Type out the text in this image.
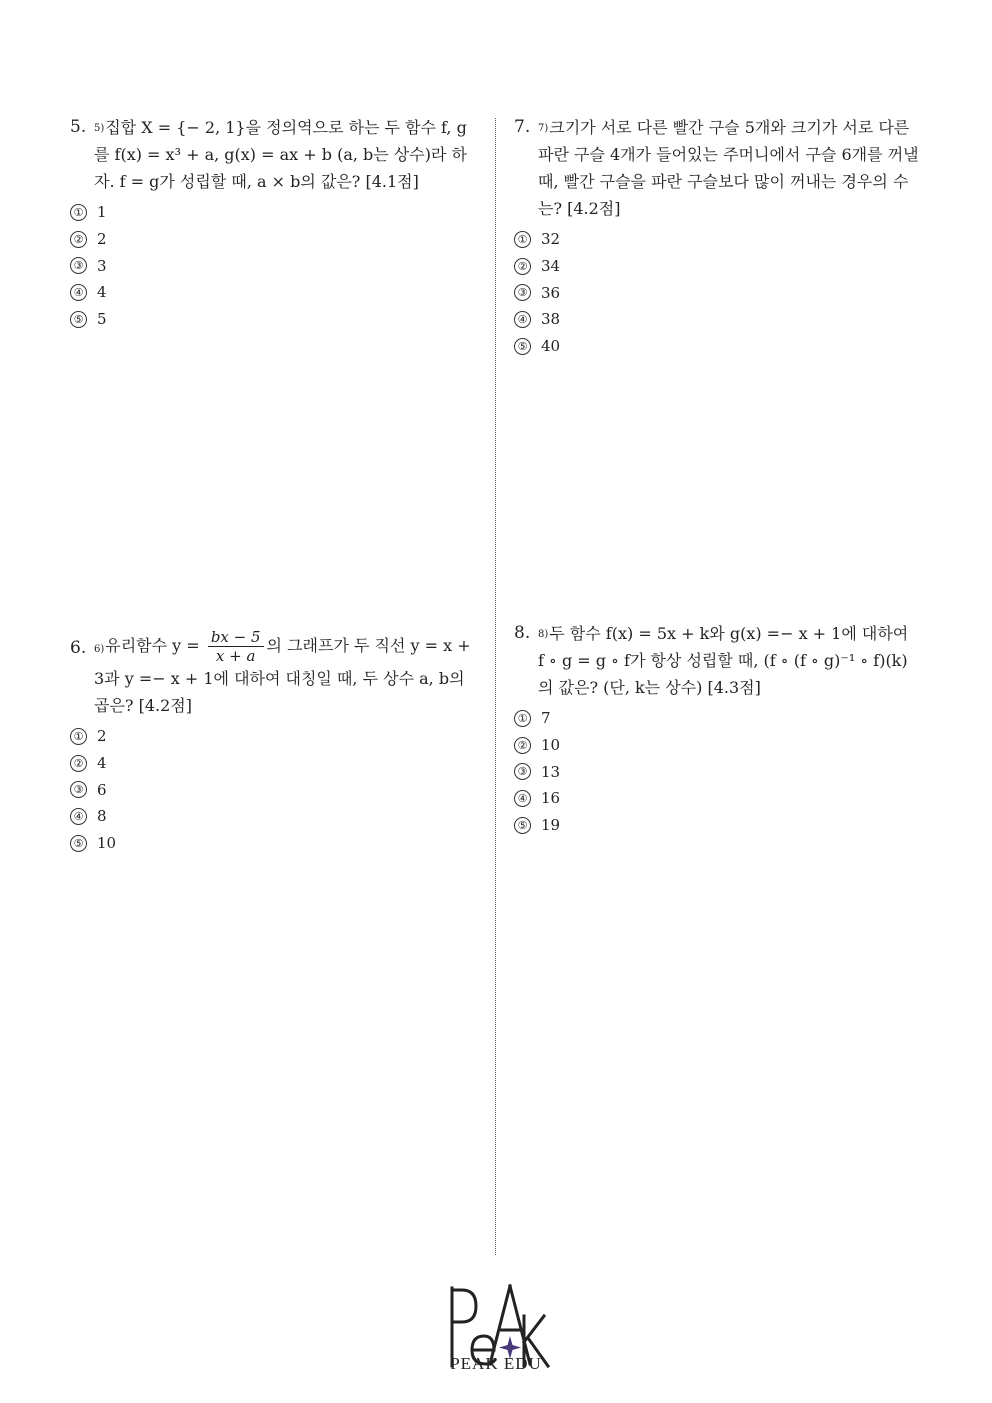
5. $^{5)}$집합 X = {− 2, 1}을 정의역으로 하는 두 함수 f, g를 f(x) = x³ + a, g(x) = ax + b (a, b는 상수)라 하자. f = g가 성립할 때, a × b의 값은? [4.1점]
① 1
② 2
③ 3
④ 4
⑤ 5
6. $^{6)}$유리함수 $y = \frac{bx - 5}{x + a}$ 의 그래프가 두 직선 y = x + 3과 y =− x + 1에 대하여 대칭일 때, 두 상수 a, b의 곱은? [4.2점]
① 2
② 4
③ 6
④ 8
⑤ 10
7. $^{7)}$크기가 서로 다른 빨간 구슬 5개와 크기가 서로 다른 파란 구슬 4개가 들어있는 주머니에서 구슬 6개를 꺼낼 때, 빨간 구슬을 파란 구슬보다 많이 꺼내는 경우의 수는? [4.2점]
① 32
② 34
③ 36
④ 38
⑤ 40
8. $^{8)}$두 함수 f(x) = 5x + k와 g(x) =− x + 1에 대하여 f ∘ g = g ∘ f가 항상 성립할 때, (f ∘ (f ∘ g)⁻¹ ∘ f)(k)의 값은? (단, k는 상수) [4.3점]
① 7
② 10
③ 13
④ 16
⑤ 19
PEAK EDU
